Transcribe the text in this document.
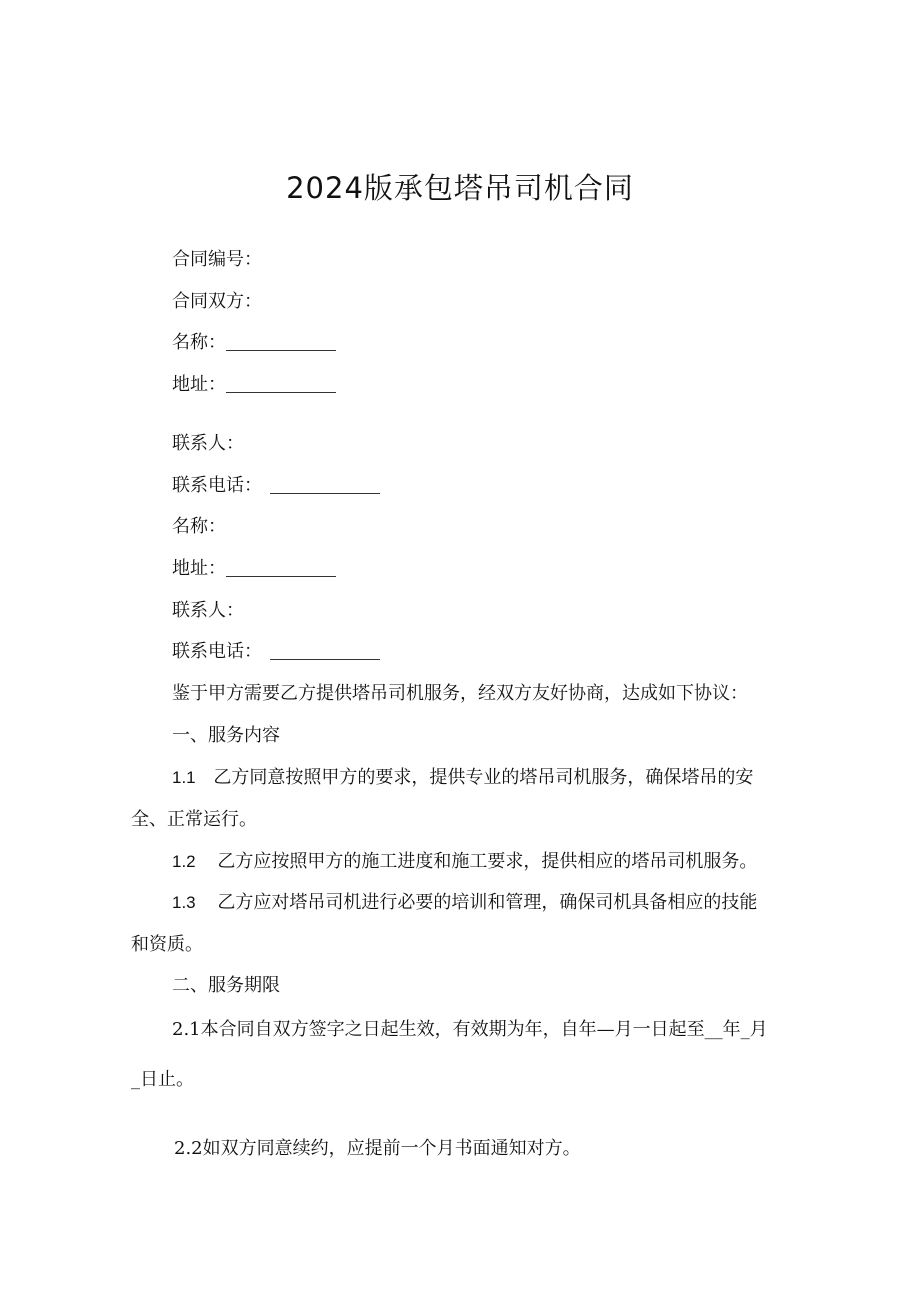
2024版承包塔吊司机合同
合同编号：
合同双方：
名称：
地址：
联系人：
联系电话：
名称：
地址：
联系人：
联系电话：
鉴于甲方需要乙方提供塔吊司机服务，经双方友好协商，达成如下协议：
一、服务内容
1.1 乙方同意按照甲方的要求，提供专业的塔吊司机服务，确保塔吊的安
全、正常运行。
1.2 乙方应按照甲方的施工进度和施工要求，提供相应的塔吊司机服务。
1.3 乙方应对塔吊司机进行必要的培训和管理，确保司机具备相应的技能
和资质。
二、服务期限
2.1本合同自双方签字之日起生效，有效期为年，自年—月一日起至__年_月
_日止。
2.2如双方同意续约，应提前一个月书面通知对方。
